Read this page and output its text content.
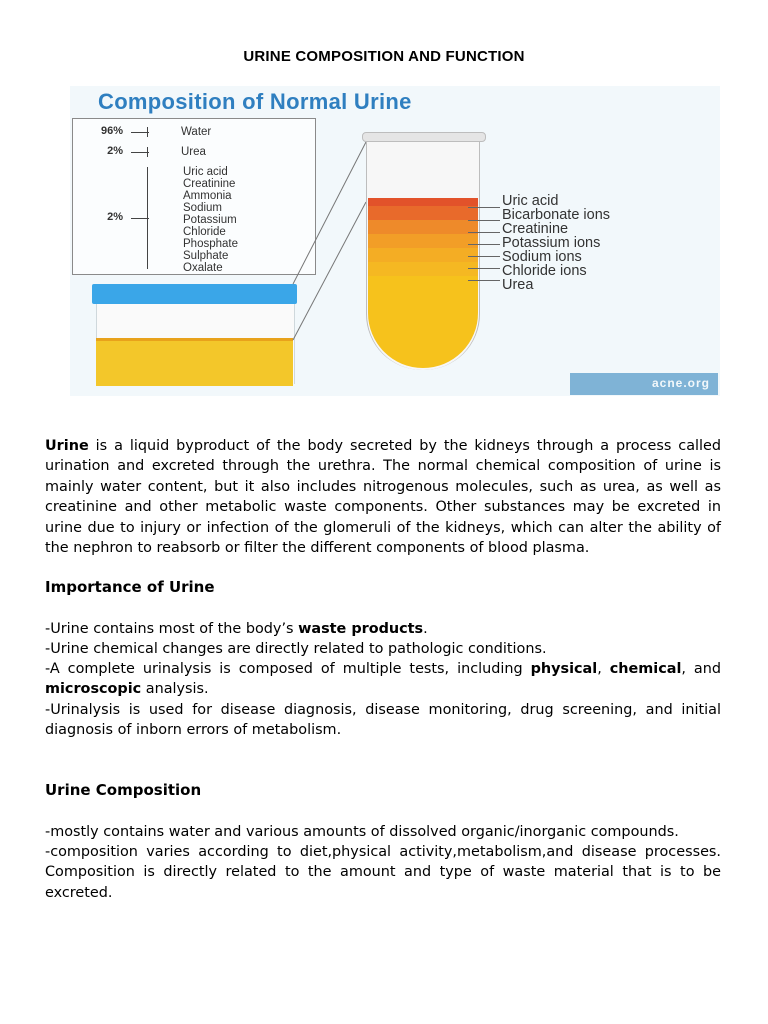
URINE COMPOSITION AND FUNCTION
Composition of Normal Urine
96%	Water
2%	Urea
2%
Uric acid
Creatinine
Ammonia
Sodium
Potassium
Chloride
Phosphate
Sulphate
Oxalate
Uric acid
Bicarbonate ions
Creatinine
Potassium ions
Sodium ions
Chloride ions
Urea
acne.org
Urine is a liquid byproduct of the body secreted by the kidneys through a process called urination and excreted through the urethra. The normal chemical composition of urine is mainly water content, but it also includes nitrogenous molecules, such as urea, as well as creatinine and other metabolic waste components. Other substances may be excreted in urine due to injury or infection of the glomeruli of the kidneys, which can alter the ability of the nephron to reabsorb or filter the different components of blood plasma.
Importance of Urine
-Urine contains most of the body’s waste products.
-Urine chemical changes are directly related to pathologic conditions.
-A complete urinalysis is composed of multiple tests, including physical, chemical, and microscopic analysis.
-Urinalysis is used for disease diagnosis, disease monitoring, drug screening, and initial diagnosis of inborn errors of metabolism.
Urine Composition
-mostly contains water and various amounts of dissolved organic/inorganic compounds.
-composition varies according to diet,physical activity,metabolism,and disease processes. Composition is directly related to the amount and type of waste material that is to be excreted.
